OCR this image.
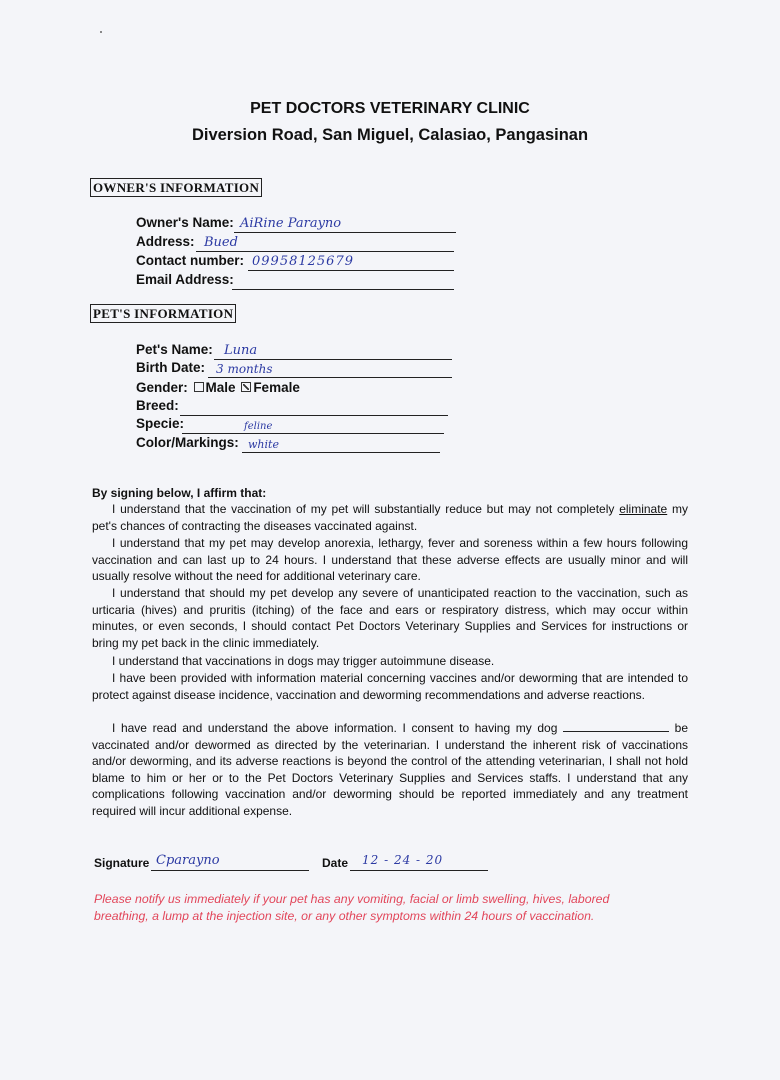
PET DOCTORS VETERINARY CLINIC
Diversion Road, San Miguel, Calasiao, Pangasinan
OWNER'S INFORMATION
Owner's Name: AiRine Parayno
Address: Bued
Contact number: 09958125679
Email Address:
PET'S INFORMATION
Pet's Name: Luna
Birth Date: 3 months
Gender: Male Female
Breed:
Specie:	feline
Color/Markings: white
By signing below, I affirm that:
I understand that the vaccination of my pet will substantially reduce but may not completely eliminate my pet's chances of contracting the diseases vaccinated against.
I understand that my pet may develop anorexia, lethargy, fever and soreness within a few hours following vaccination and can last up to 24 hours. I understand that these adverse effects are usually minor and will usually resolve without the need for additional veterinary care.
I understand that should my pet develop any severe of unanticipated reaction to the vaccination, such as urticaria (hives) and pruritis (itching) of the face and ears or respiratory distress, which may occur within minutes, or even seconds, I should contact Pet Doctors Veterinary Supplies and Services for instructions or bring my pet back in the clinic immediately.
I understand that vaccinations in dogs may trigger autoimmune disease.
I have been provided with information material concerning vaccines and/or deworming that are intended to protect against disease incidence, vaccination and deworming recommendations and adverse reactions.
I have read and understand the above information. I consent to having my dog	be vaccinated and/or dewormed as directed by the veterinarian. I understand the inherent risk of vaccinations and/or deworming, and its adverse reactions is beyond the control of the attending veterinarian, I shall not hold blame to him or her or to the Pet Doctors Veterinary Supplies and Services staffs. I understand that any complications following vaccination and/or deworming should be reported immediately and any treatment required will incur additional expense.
Signature Cparayno	Date 12 - 24 - 20
Please notify us immediately if your pet has any vomiting, facial or limb swelling, hives, labored breathing, a lump at the injection site, or any other symptoms within 24 hours of vaccination.
